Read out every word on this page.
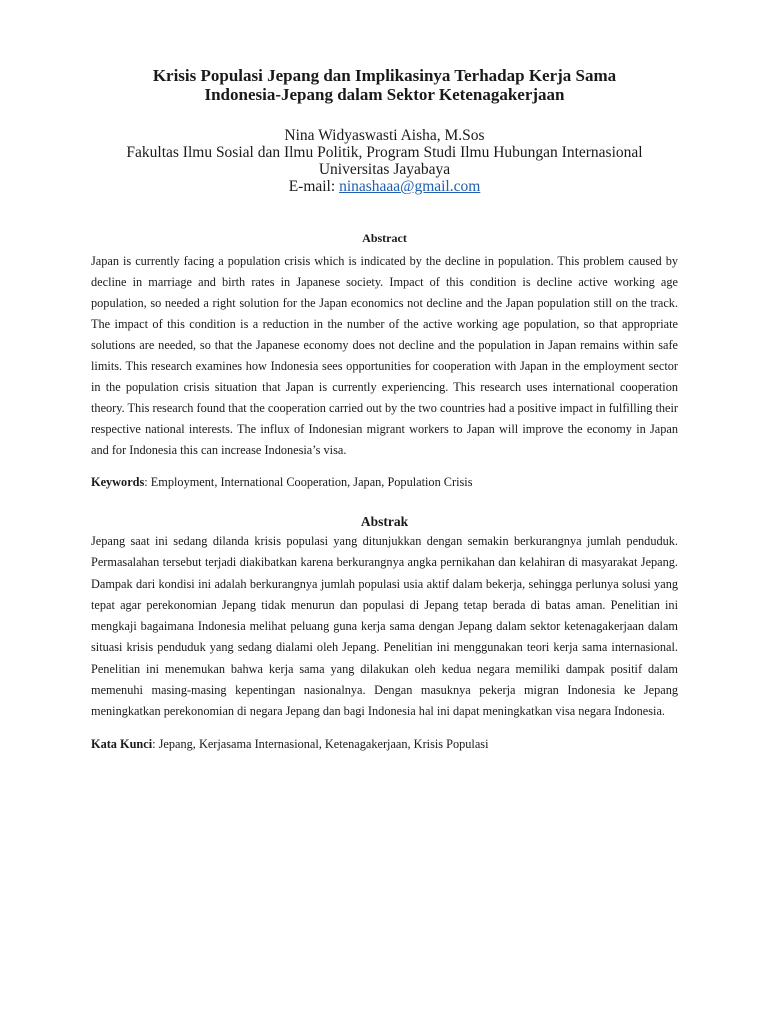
Krisis Populasi Jepang dan Implikasinya Terhadap Kerja Sama
Indonesia-Jepang dalam Sektor Ketenagakerjaan
Nina Widyaswasti Aisha, M.Sos
Fakultas Ilmu Sosial dan Ilmu Politik, Program Studi Ilmu Hubungan Internasional
Universitas Jayabaya
E-mail: ninashaaa@gmail.com
Abstract

Japan is currently facing a population crisis which is indicated by the decline in population. This problem caused by decline in marriage and birth rates in Japanese society. Impact of this condition is decline active working age population, so needed a right solution for the Japan economics not decline and the Japan population still on the track. The impact of this condition is a reduction in the number of the active working age population, so that appropriate solutions are needed, so that the Japanese economy does not decline and the population in Japan remains within safe limits. This research examines how Indonesia sees opportunities for cooperation with Japan in the employment sector in the population crisis situation that Japan is currently experiencing. This research uses international cooperation theory. This research found that the cooperation carried out by the two countries had a positive impact in fulfilling their respective national interests. The influx of Indonesian migrant workers to Japan will improve the economy in Japan and for Indonesia this can increase Indonesia’s visa.

Keywords: Employment, International Cooperation, Japan, Population Crisis
Abstrak

Jepang saat ini sedang dilanda krisis populasi yang ditunjukkan dengan semakin berkurangnya jumlah penduduk. Permasalahan tersebut terjadi diakibatkan karena berkurangnya angka pernikahan dan kelahiran di masyarakat Jepang. Dampak dari kondisi ini adalah berkurangnya jumlah populasi usia aktif dalam bekerja, sehingga perlunya solusi yang tepat agar perekonomian Jepang tidak menurun dan populasi di Jepang tetap berada di batas aman. Penelitian ini mengkaji bagaimana Indonesia melihat peluang guna kerja sama dengan Jepang dalam sektor ketenagakerjaan dalam situasi krisis penduduk yang sedang dialami oleh Jepang. Penelitian ini menggunakan teori kerja sama internasional. Penelitian ini menemukan bahwa kerja sama yang dilakukan oleh kedua negara memiliki dampak positif dalam memenuhi masing-masing kepentingan nasionalnya. Dengan masuknya pekerja migran Indonesia ke Jepang meningkatkan perekonomian di negara Jepang dan bagi Indonesia hal ini dapat meningkatkan visa negara Indonesia.

Kata Kunci: Jepang, Kerjasama Internasional, Ketenagakerjaan, Krisis Populasi
